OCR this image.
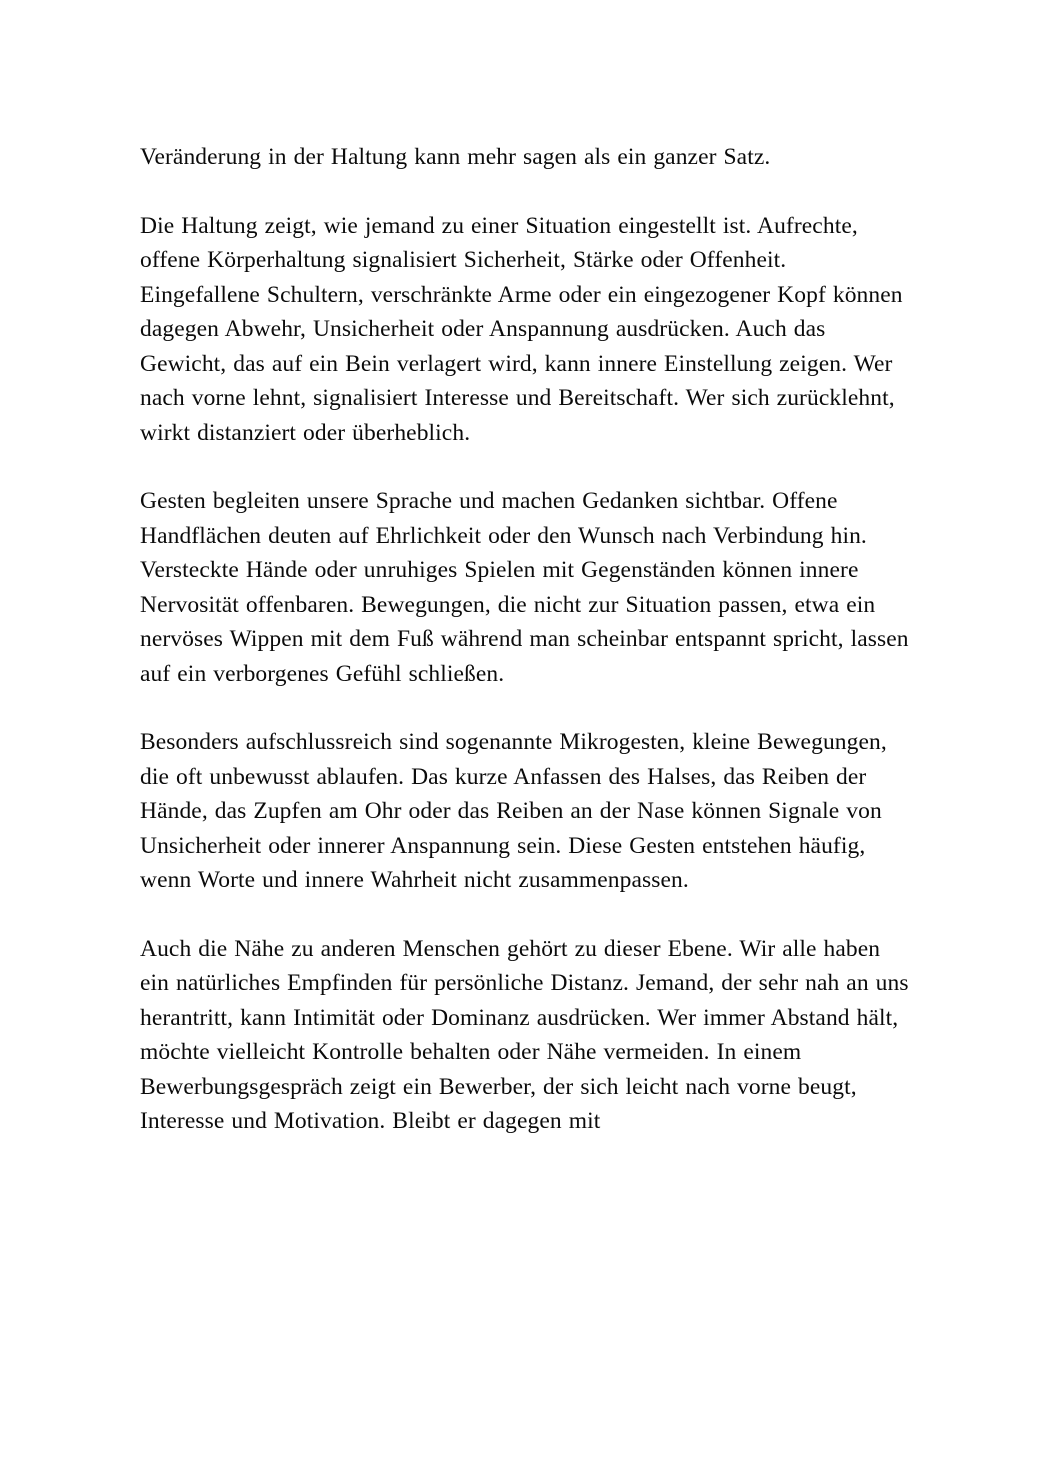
Veränderung in der Haltung kann mehr sagen als ein ganzer Satz.

Die Haltung zeigt, wie jemand zu einer Situation eingestellt ist. Aufrechte, offene Körperhaltung signalisiert Sicherheit, Stärke oder Offenheit. Eingefallene Schultern, verschränkte Arme oder ein eingezogener Kopf können dagegen Abwehr, Unsicherheit oder Anspannung ausdrücken. Auch das Gewicht, das auf ein Bein verlagert wird, kann innere Einstellung zeigen. Wer nach vorne lehnt, signalisiert Interesse und Bereitschaft. Wer sich zurücklehnt, wirkt distanziert oder überheblich.

Gesten begleiten unsere Sprache und machen Gedanken sichtbar. Offene Handflächen deuten auf Ehrlichkeit oder den Wunsch nach Verbindung hin. Versteckte Hände oder unruhiges Spielen mit Gegenständen können innere Nervosität offenbaren. Bewegungen, die nicht zur Situation passen, etwa ein nervöses Wippen mit dem Fuß während man scheinbar entspannt spricht, lassen auf ein verborgenes Gefühl schließen.

Besonders aufschlussreich sind sogenannte Mikrogesten, kleine Bewegungen, die oft unbewusst ablaufen. Das kurze Anfassen des Halses, das Reiben der Hände, das Zupfen am Ohr oder das Reiben an der Nase können Signale von Unsicherheit oder innerer Anspannung sein. Diese Gesten entstehen häufig, wenn Worte und innere Wahrheit nicht zusammenpassen.

Auch die Nähe zu anderen Menschen gehört zu dieser Ebene. Wir alle haben ein natürliches Empfinden für persönliche Distanz. Jemand, der sehr nah an uns herantritt, kann Intimität oder Dominanz ausdrücken. Wer immer Abstand hält, möchte vielleicht Kontrolle behalten oder Nähe vermeiden. In einem Bewerbungsgespräch zeigt ein Bewerber, der sich leicht nach vorne beugt, Interesse und Motivation. Bleibt er dagegen mit
